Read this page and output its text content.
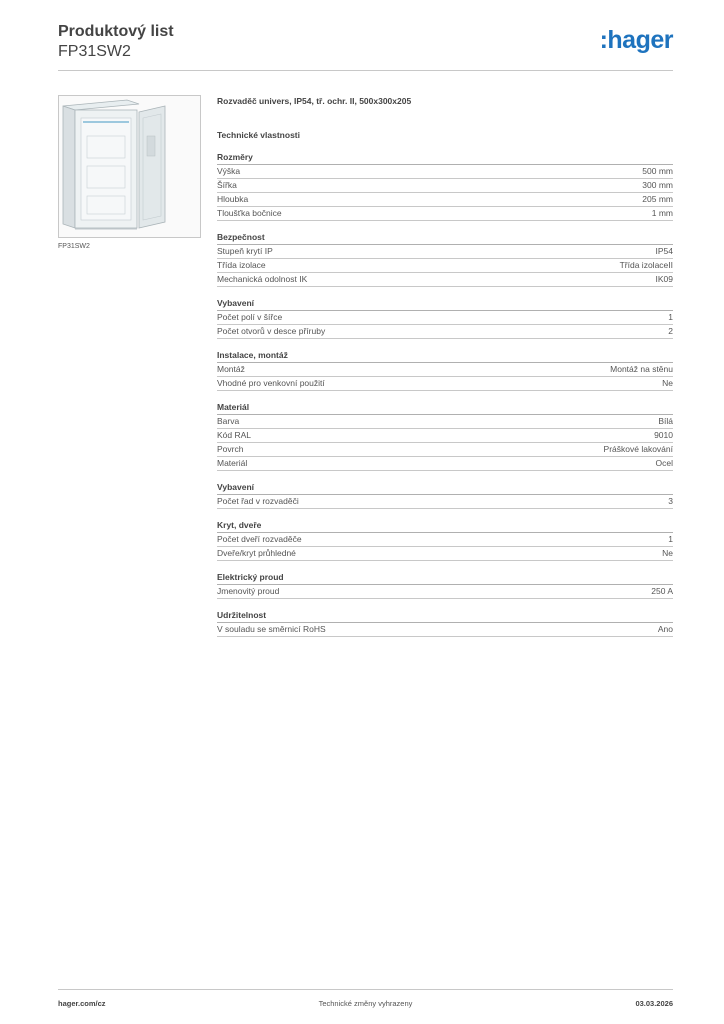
Produktový list
FP31SW2	:hager
FP31SW2
Rozvaděč univers, IP54, tř. ochr. II, 500x300x205
Technické vlastnosti
Rozměry
Výška	500 mm
Šířka	300 mm
Hloubka	205 mm
Tloušťka bočnice	1 mm
Bezpečnost
Stupeň krytí IP	IP54
Třída izolace	Třída izolaceII
Mechanická odolnost IK	IK09
Vybavení
Počet polí v šířce	1
Počet otvorů v desce příruby	2
Instalace, montáž
Montáž	Montáž na stěnu
Vhodné pro venkovní použití	Ne
Materiál
Barva	Bílá
Kód RAL	9010
Povrch	Práškové lakování
Materiál	Ocel
Vybavení
Počet řad v rozvaděči	3
Kryt, dveře
Počet dveří rozvaděče	1
Dveře/kryt průhledné	Ne
Elektrický proud
Jmenovitý proud	250 A
Udržitelnost
V souladu se směrnicí RoHS	Ano
hager.com/cz	Technické změny vyhrazeny	03.03.2026
